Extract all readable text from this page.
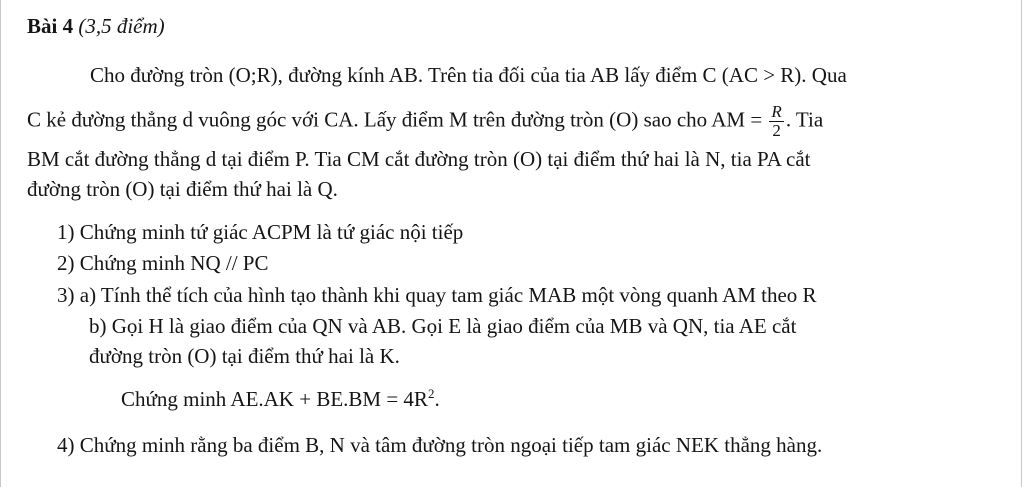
Bài 4 (3,5 điểm)
Cho đường tròn (O;R), đường kính AB. Trên tia đối của tia AB lấy điểm C (AC > R). Qua
C kẻ đường thẳng d vuông góc với CA. Lấy điểm M trên đường tròn (O) sao cho AM = $\frac{R}{2}$ . Tia
BM cắt đường thẳng d tại điểm P. Tia CM cắt đường tròn (O) tại điểm thứ hai là N, tia PA cắt
đường tròn (O) tại điểm thứ hai là Q.
1) Chứng minh tứ giác ACPM là tứ giác nội tiếp
2) Chứng minh NQ // PC
3) a) Tính thể tích của hình tạo thành khi quay tam giác MAB một vòng quanh AM theo R
b) Gọi H là giao điểm của QN và AB. Gọi E là giao điểm của MB và QN, tia AE cắt
đường tròn (O) tại điểm thứ hai là K.
Chứng minh $AE.AK + BE.BM = 4R^2$.
4) Chứng minh rằng ba điểm B, N và tâm đường tròn ngoại tiếp tam giác NEK thẳng hàng.
